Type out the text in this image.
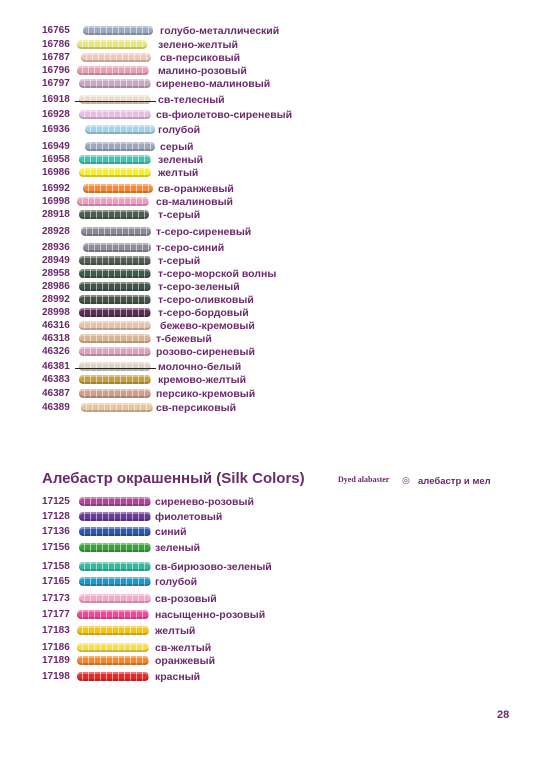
16765	голубо-металлический
16786	зелено-желтый
16787	св-персиковый
16796	малино-розовый
16797	сиренево-малиновый
16918	св-телесный
16928	св-фиолетово-сиреневый
16936	голубой
16949	серый
16958	зеленый
16986	желтый
16992	св-оранжевый
16998	св-малиновый
28918	т-серый
28928	т-серо-сиреневый
28936	т-серо-синий
28949	т-серый
28958	т-серо-морской волны
28986	т-серо-зеленый
28992	т-серо-оливковый
28998	т-серо-бордовый
46316	бежево-кремовый
46318	т-бежевый
46326	розово-сиреневый
46381	молочно-белый
46383	кремово-желтый
46387	персико-кремовый
46389	св-персиковый
Алебастр окрашенный (Silk Colors)	Dyed alabaster ◎ алебастр и мел
17125	сиренево-розовый
17128	фиолетовый
17136	синий
17156	зеленый
17158	св-бирюзово-зеленый
17165	голубой
17173	св-розовый
17177	насыщенно-розовый
17183	желтый
17186	св-желтый
17189	оранжевый
17198	красный
28
